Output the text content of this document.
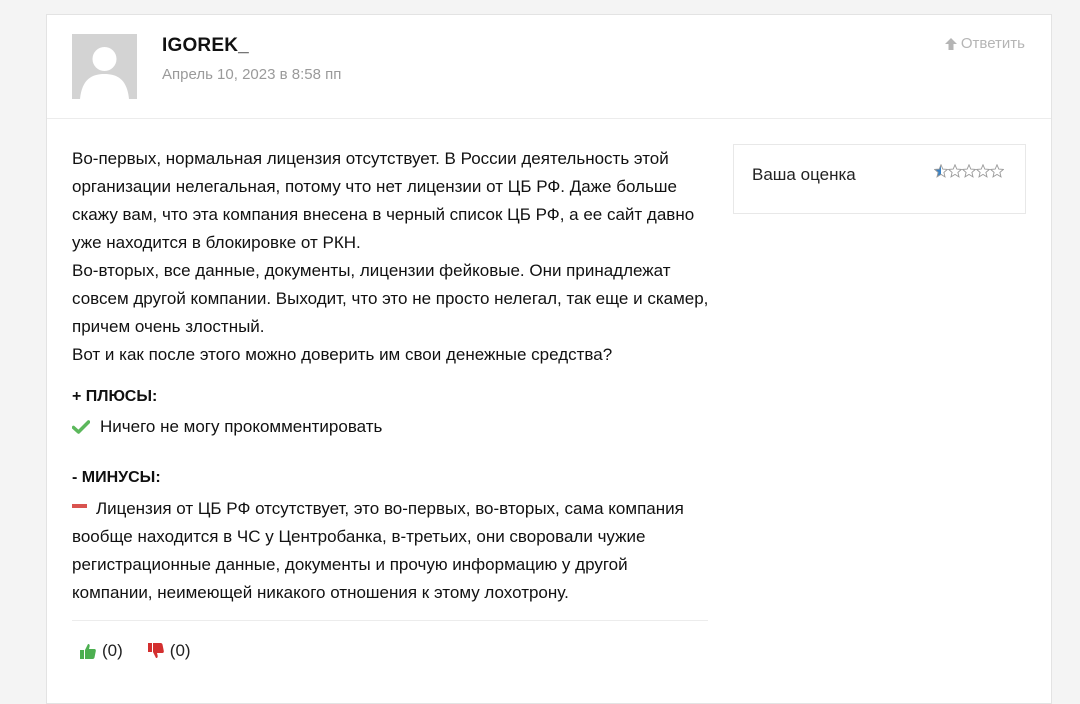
IGOREK_
Апрель 10, 2023 в 8:58 пп
Ответить
Во-первых, нормальная лицензия отсутствует. В России деятельность этой организации нелегальная, потому что нет лицензии от ЦБ РФ. Даже больше скажу вам, что эта компания внесена в черный список ЦБ РФ, а ее сайт давно уже находится в блокировке от РКН.
Во-вторых, все данные, документы, лицензии фейковые. Они принадлежат совсем другой компании. Выходит, что это не просто нелегал, так еще и скамер, причем очень злостный.
Вот и как после этого можно доверить им свои денежные средства?
Ваша оценка
+ ПЛЮСЫ:
Ничего не могу прокомментировать
- МИНУСЫ:
Лицензия от ЦБ РФ отсутствует, это во-первых, во-вторых, сама компания вообще находится в ЧС у Центробанка, в-третьих, они своровали чужие регистрационные данные, документы и прочую информацию у другой компании, неимеющей никакого отношения к этому лохотрону.
(0)	(0)
